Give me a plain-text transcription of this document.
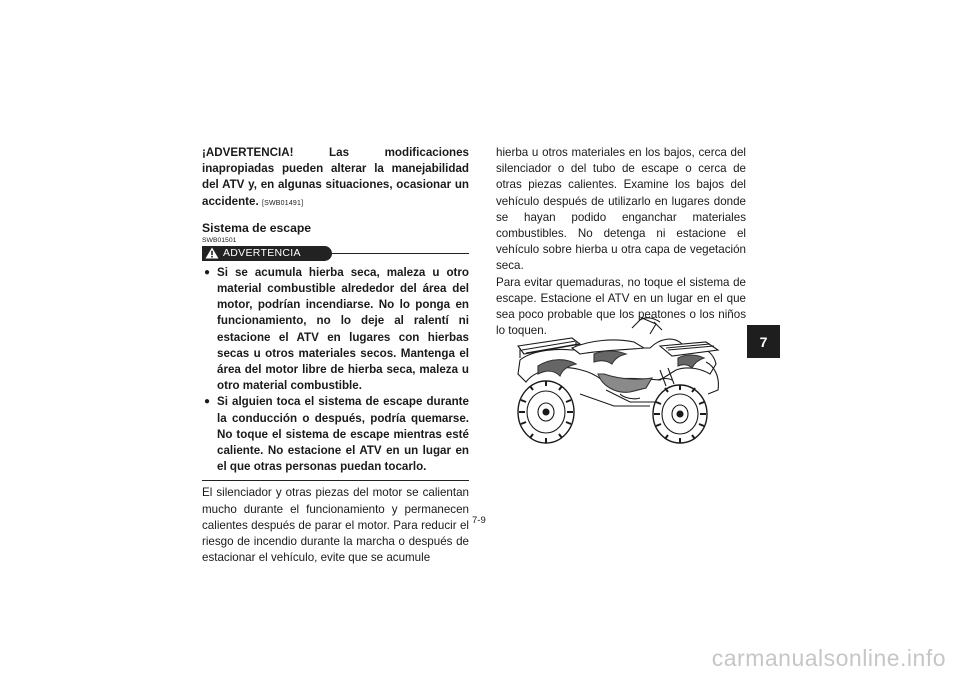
¡ADVERTENCIA! Las modificaciones inapropiadas pueden alterar la manejabilidad del ATV y, en algunas situaciones, ocasionar un accidente. [SWB01491]

Sistema de escape
SWB01501
ADVERTENCIA
● Si se acumula hierba seca, maleza u otro material combustible alrededor del área del motor, podrían incendiarse. No lo ponga en funcionamiento, no lo deje al ralentí ni estacione el ATV en lugares con hierbas secas u otros materiales secos. Mantenga el área del motor libre de hierba seca, maleza u otro material combustible.
● Si alguien toca el sistema de escape durante la conducción o después, podría quemarse. No toque el sistema de escape mientras esté caliente. No estacione el ATV en un lugar en el que otras personas puedan tocarlo.

El silenciador y otras piezas del motor se calientan mucho durante el funcionamiento y permanecen calientes después de parar el motor. Para reducir el riesgo de incendio durante la marcha o después de estacionar el vehículo, evite que se acumule

hierba u otros materiales en los bajos, cerca del silenciador o del tubo de escape o cerca de otras piezas calientes. Examine los bajos del vehículo después de utilizarlo en lugares donde se hayan podido enganchar materiales combustibles. No detenga ni estacione el vehículo sobre hierba u otra capa de vegetación seca.

Para evitar quemaduras, no toque el sistema de escape. Estacione el ATV en un lugar en el que sea poco probable que los peatones o los niños lo toquen.

7
7-9
carmanualsonline.info
